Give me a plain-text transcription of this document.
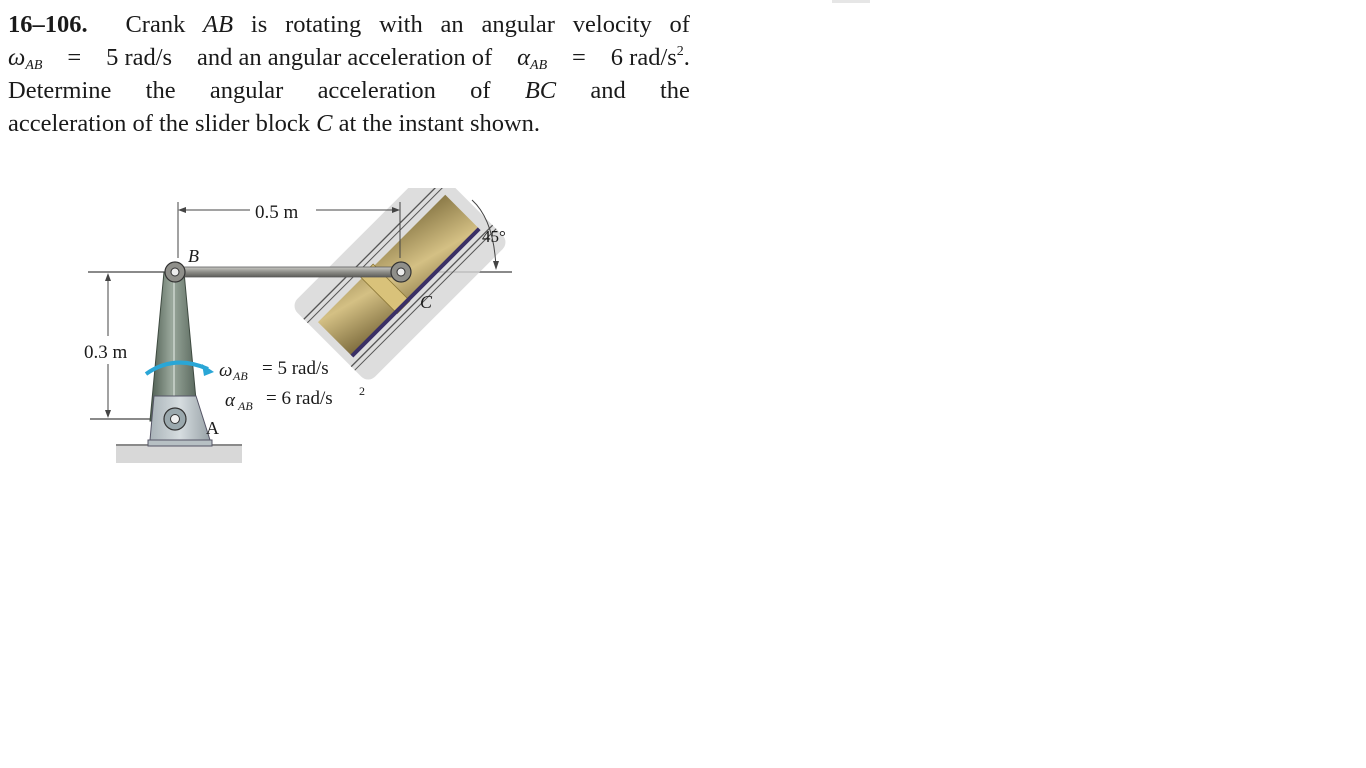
16–106. Crank AB is rotating with an angular velocity of
$\omega_{AB} = 5$ rad/s and an angular acceleration of $\alpha_{AB} = 6$ rad/$s^2$.
Determine the angular acceleration of BC and the
acceleration of the slider block
C
at the instant shown.
0.5 m
0.3 m
45°
B
C
A
ω AB = 5 rad/s
α AB = 6 rad/s 2
